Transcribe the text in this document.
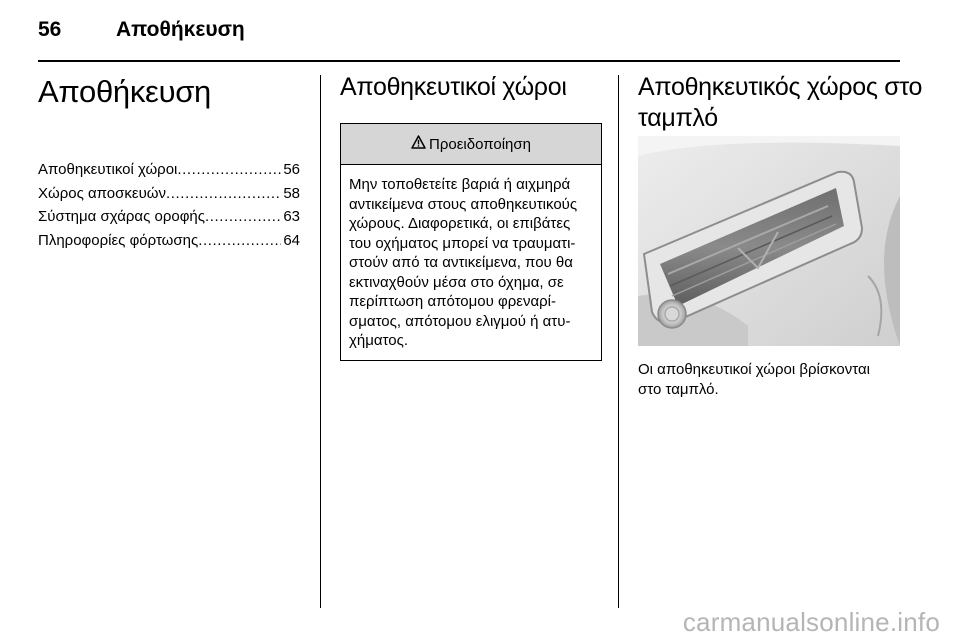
56	Αποθήκευση
Αποθήκευση
Αποθηκευτικοί χώροι .....	56
Χώρος αποσκευών .....	58
Σύστημα σχάρας οροφής .....	63
Πληροφορίες φόρτωσης .....	64
Αποθηκευτικοί χώροι
Προειδοποίηση
Μην τοποθετείτε βαριά ή αιχμηρά
αντικείμενα στους αποθηκευτικούς
χώρους. Διαφορετικά, οι επιβάτες
του οχήματος μπορεί να τραυματι-
στούν από τα αντικείμενα, που θα
εκτιναχθούν μέσα στο όχημα, σε
περίπτωση απότομου φρεναρί-
σματος, απότομου ελιγμού ή ατυ-
χήματος.
Αποθηκευτικός χώρος στο
ταμπλό
Οι αποθηκευτικοί χώροι βρίσκονται
στο ταμπλό.
carmanualsonline.info
